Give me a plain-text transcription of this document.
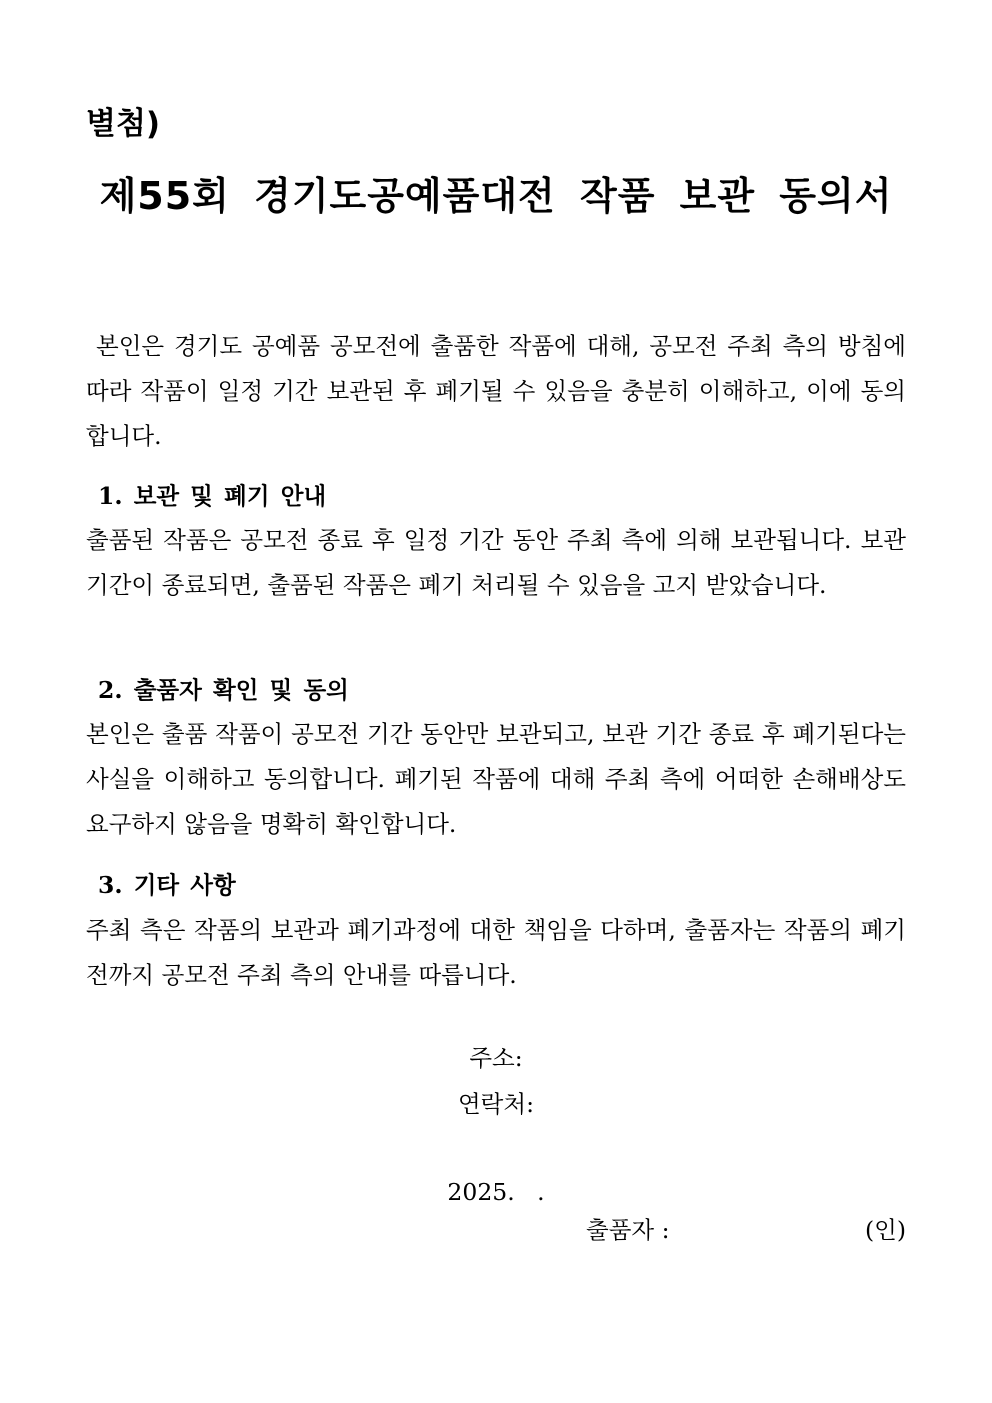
별첨)

제55회 경기도공예품대전 작품 보관 동의서

본인은 경기도 공예품 공모전에 출품한 작품에 대해, 공모전 주최 측의 방침에 따라 작품이 일정 기간 보관된 후 폐기될 수 있음을 충분히 이해하고, 이에 동의합니다.

1. 보관 및 폐기 안내

출품된 작품은 공모전 종료 후 일정 기간 동안 주최 측에 의해 보관됩니다. 보관 기간이 종료되면, 출품된 작품은 폐기 처리될 수 있음을 고지 받았습니다.

2. 출품자 확인 및 동의

본인은 출품 작품이 공모전 기간 동안만 보관되고, 보관 기간 종료 후 폐기된다는 사실을 이해하고 동의합니다. 폐기된 작품에 대해 주최 측에 어떠한 손해배상도 요구하지 않음을 명확히 확인합니다.

3. 기타 사항

주최 측은 작품의 보관과 폐기과정에 대한 책임을 다하며, 출품자는 작품의 폐기 전까지 공모전 주최 측의 안내를 따릅니다.

주소:

연락처:

2025.   .

출품자 :	(인)
